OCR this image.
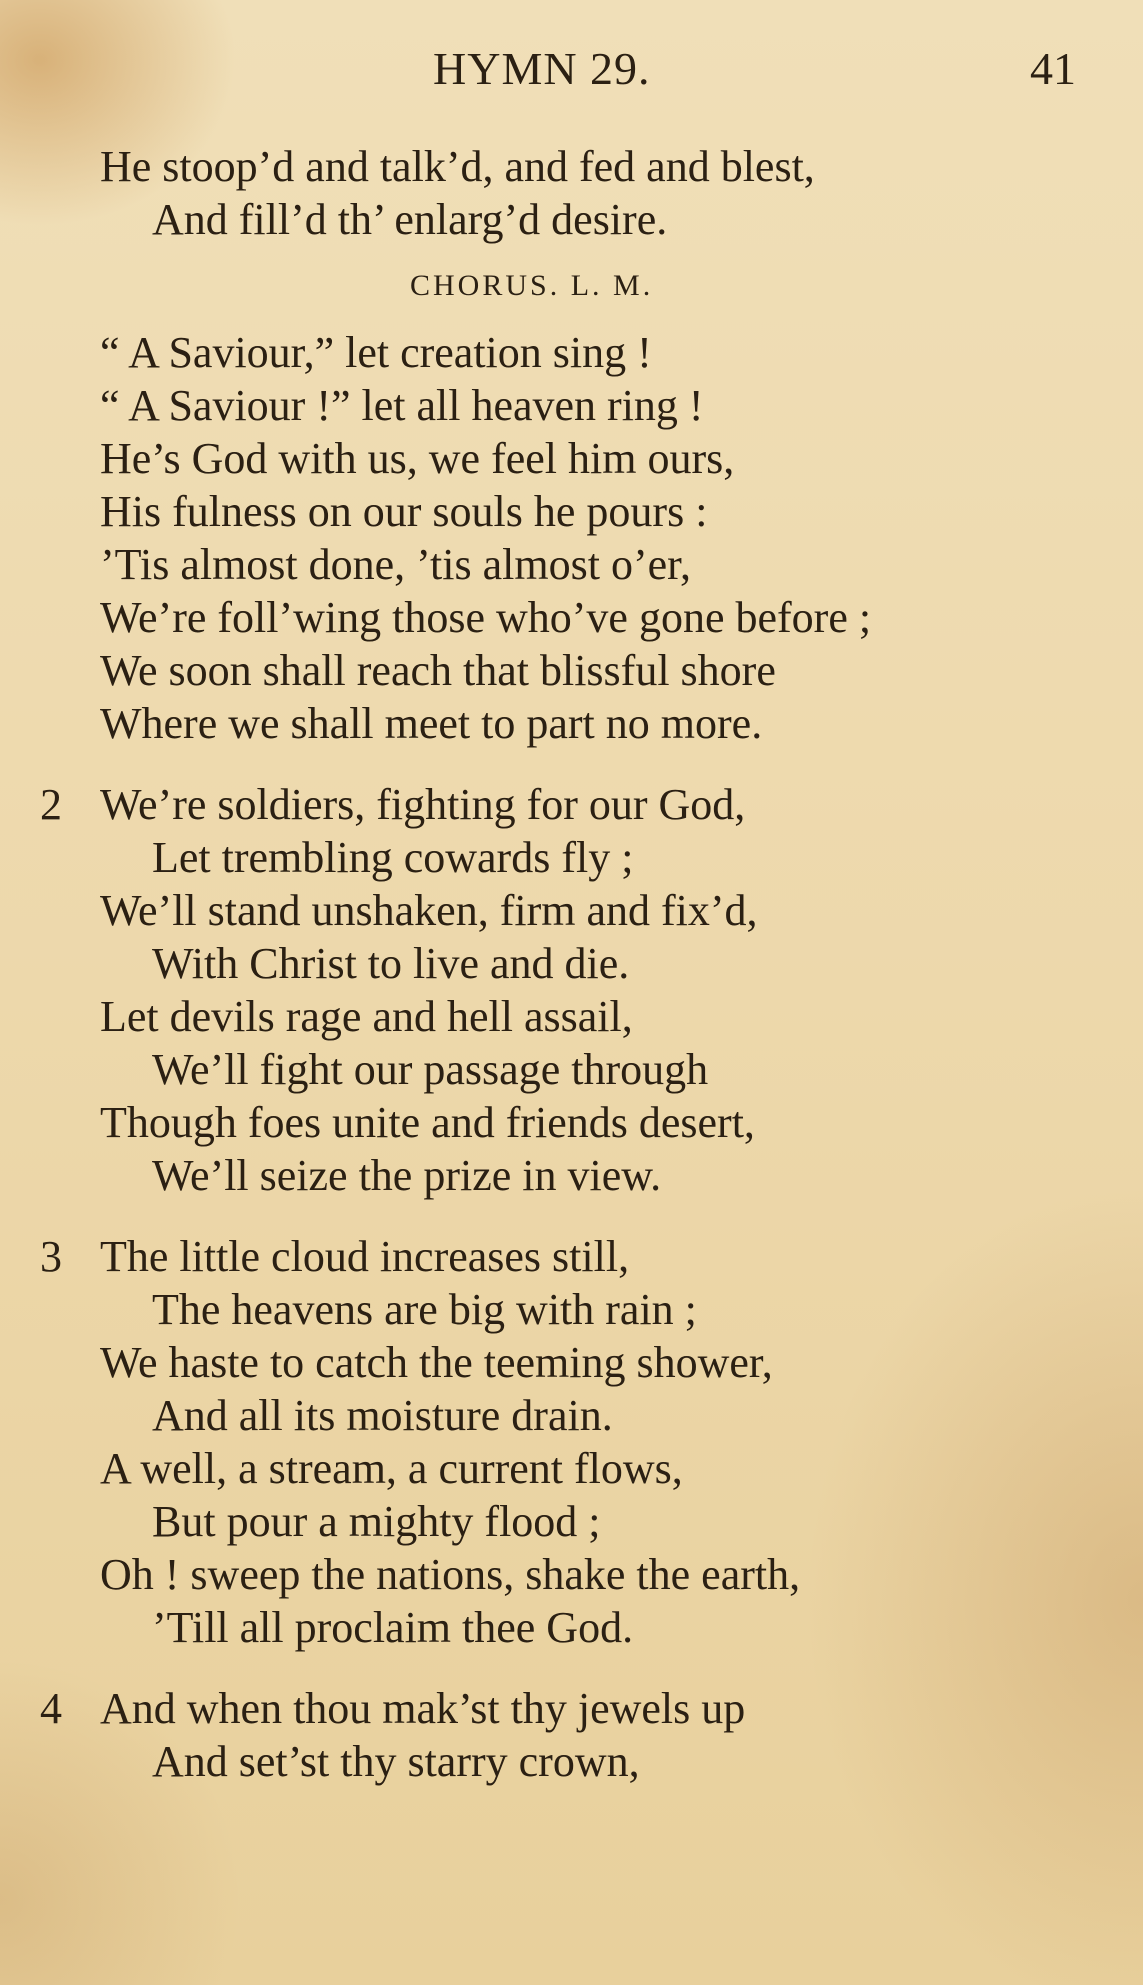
HYMN 29.	41
He stoop’d and talk’d, and fed and blest,
And fill’d th’ enlarg’d desire.
CHORUS. L. M.
“ A Saviour,” let creation sing !
“ A Saviour !” let all heaven ring !
He’s God with us, we feel him ours,
His fulness on our souls he pours :
’Tis almost done, ’tis almost o’er,
We’re foll’wing those who’ve gone before ;
We soon shall reach that blissful shore
Where we shall meet to part no more.
2 We’re soldiers, fighting for our God,
Let trembling cowards fly ;
We’ll stand unshaken, firm and fix’d,
With Christ to live and die.
Let devils rage and hell assail,
We’ll fight our passage through
Though foes unite and friends desert,
We’ll seize the prize in view.
3 The little cloud increases still,
The heavens are big with rain ;
We haste to catch the teeming shower,
And all its moisture drain.
A well, a stream, a current flows,
But pour a mighty flood ;
Oh ! sweep the nations, shake the earth,
’Till all proclaim thee God.
4 And when thou mak’st thy jewels up
And set’st thy starry crown,
